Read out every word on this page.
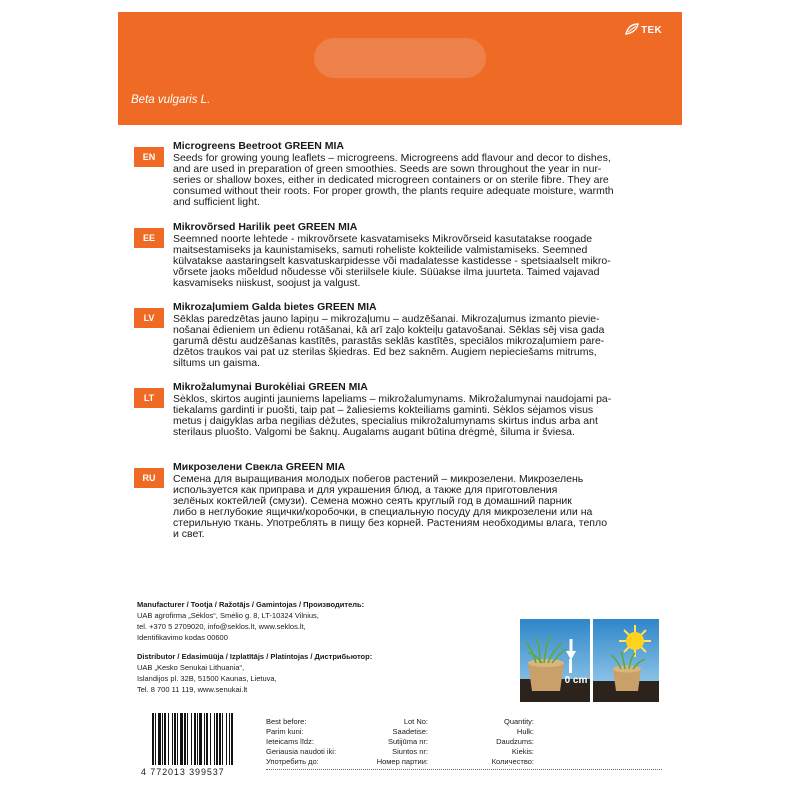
TEK
Beta vulgaris L.
EN
Microgreens Beetroot GREEN MIA
Seeds for growing young leaflets – microgreens. Microgreens add flavour and decor to dishes,
and are used in preparation of green smoothies. Seeds are sown throughout the year in nur-
series or shallow boxes, either in dedicated microgreen containers or on sterile fibre. They are
consumed without their roots. For proper growth, the plants require adequate moisture, warmth
and sufficient light.
EE
Mikrovõrsed Harilik peet GREEN MIA
Seemned noorte lehtede - mikrovõrsete kasvatamiseks Mikrovõrseid kasutatakse roogade
maitsestamiseks ja kaunistamiseks, samuti roheliste kokteilide valmistamiseks. Seemned
külvatakse aastaringselt kasvatuskarpidesse või madalatesse kastidesse - spetsiaalselt mikro-
võrsete jaoks mõeldud nõudesse või steriilsele kiule. Süüakse ilma juurteta. Taimed vajavad
kasvamiseks niiskust, soojust ja valgust.
LV
Mikrozaļumiem Galda bietes GREEN MIA
Sēklas paredzētas jauno lapiņu – mikrozaļumu – audzēšanai. Mikrozaļumus izmanto pievie-
nošanai ēdieniem un ēdienu rotāšanai, kā arī zaļo kokteiļu gatavošanai. Sēklas sēj visa gada
garumā dēstu audzēšanas kastītēs, parastās seklās kastītēs, speciālos mikrozaļumiem pare-
dzētos traukos vai pat uz sterilas šķiedras. Ēd bez saknēm. Augiem nepieciešams mitrums,
siltums un gaisma.
LT
Mikrožalumynai Burokėliai GREEN MIA
Sėklos, skirtos auginti jauniems lapeliams – mikrožalumynams. Mikrožalumynai naudojami pa-
tiekalams gardinti ir puošti, taip pat – žaliesiems kokteiliams gaminti. Sėklos sėjamos visus
metus į daigyklas arba negilias dėžutes, specialius mikrožalumynams skirtus indus arba ant
sterilaus pluošto. Valgomi be šaknų. Augalams augant būtina drėgmė, šiluma ir šviesa.
RU
Микрозелени Свекла GREEN MIA
Семена для выращивания молодых побегов растений – микрозелени. Микрозелень
используется как приправа и для украшения блюд, а также для приготовления
зелёных коктейлей (смузи). Семена можно сеять круглый год в домашний парник
либо в неглубокие ящички/коробочки, в специальную посуду для микрозелени или на
стерильную ткань. Употреблять в пищу без корней. Растениям необходимы влага, тепло
и свет.
Manufacturer / Tootja / Ražotājs / Gamintojas / Производитель:
UAB agrofirma „Sėklos“, Smėlio g. 8, LT-10324 Vilnius,
tel. +370 5 2709020, info@seklos.lt, www.seklos.lt,
Identifikavimo kodas 00600
Distributor / Edasimüüja / Izplatītājs / Platintojas / Дистрибьютор:
UAB „Kesko Senukai Lithuania“,
Islandijos pl. 32B, 51500 Kaunas, Lietuva,
Tel. 8 700 11 119, www.senukai.lt
0 cm
4 772013 399537
Best before:
Parim kuni:
Ieteicams līdz:
Geriausia naudoti iki:
Употребить до:
Lot No:
Saadetise:
Sutijūma nr:
Siuntos nr:
Номер партии:
Quantity:
Hulk:
Daudzums:
Kiekis:
Количество:
